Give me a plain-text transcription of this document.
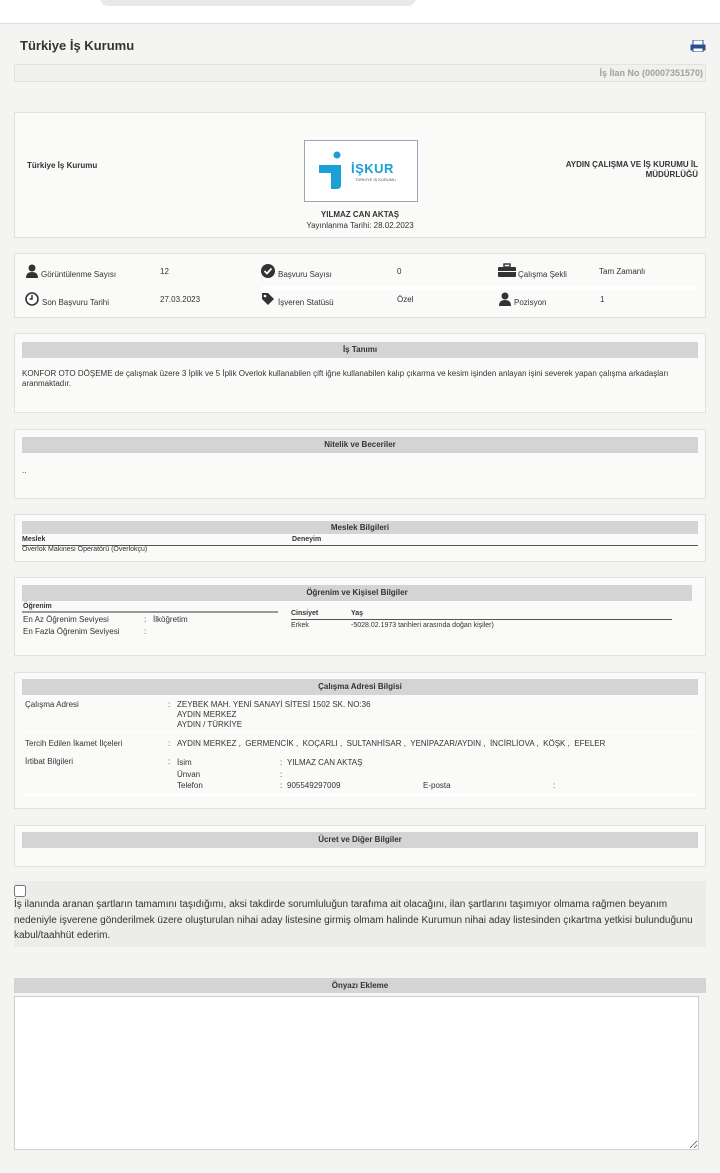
Türkiye İş Kurumu
İş İlan No (00007351570)
Türkiye İş Kurumu	İŞKUR
TÜRKİYE İŞ KURUMU
AYDIN ÇALIŞMA VE İŞ KURUMU İL MÜDÜRLÜĞÜ
YILMAZ CAN AKTAŞ
Yayınlanma Tarihi: 28.02.2023
Görüntülenme Sayısı	12	Başvuru Sayısı	0	Çalışma Şekli	Tam Zamanlı
Son Başvuru Tarihi	27.03.2023	İşveren Statüsü	Özel	Pozisyon	1
İş Tanımı
KONFOR OTO DÖŞEME de çalışmak üzere 3 İplik ve 5 İplik Overlok kullanabilen çift iğne kullanabilen kalıp çıkarma ve kesim işinden anlayan işini severek yapan çalışma arkadaşları aranmaktadır.
Nitelik ve Beceriler
..
Meslek Bilgileri
Meslek	Deneyim
Overlok Makinesi Operatörü (Overlokçu)
Öğrenim ve Kişisel Bilgiler
Öğrenim
En Az Öğrenim Seviyesi	: İlköğretim
En Fazla Öğrenim Seviyesi	:
Cinsiyet	Yaş
Erkek	-5028.02.1973 tarihleri arasında doğan kişiler)
Çalışma Adresi Bilgisi
Çalışma Adresi	: ZEYBEK MAH. YENİ SANAYİ SİTESİ 1502 SK. NO:36
AYDIN MERKEZ
AYDIN / TÜRKİYE
Tercih Edilen İkamet İlçeleri	: AYDIN MERKEZ ,  GERMENCİK ,  KOÇARLI ,  SULTANHİSAR ,  YENİPAZAR/AYDIN ,  İNCİRLİOVA ,  KÖŞK ,  EFELER
İrtibat Bilgileri	: İsim	: YILMAZ CAN AKTAŞ
Ünvan	:
Telefon	: 905549297009	E-posta	:
Ücret ve Diğer Bilgiler
İş ilanında aranan şartların tamamını taşıdığımı, aksi takdirde sorumluluğun tarafıma ait olacağını, ilan şartlarını taşımıyor olmama rağmen beyanım nedeniyle işverene gönderilmek üzere oluşturulan nihai aday listesine girmiş olmam halinde Kurumun nihai aday listesinden çıkartma yetkisi bulunduğunu kabul/taahhüt ederim.
Önyazı Ekleme
